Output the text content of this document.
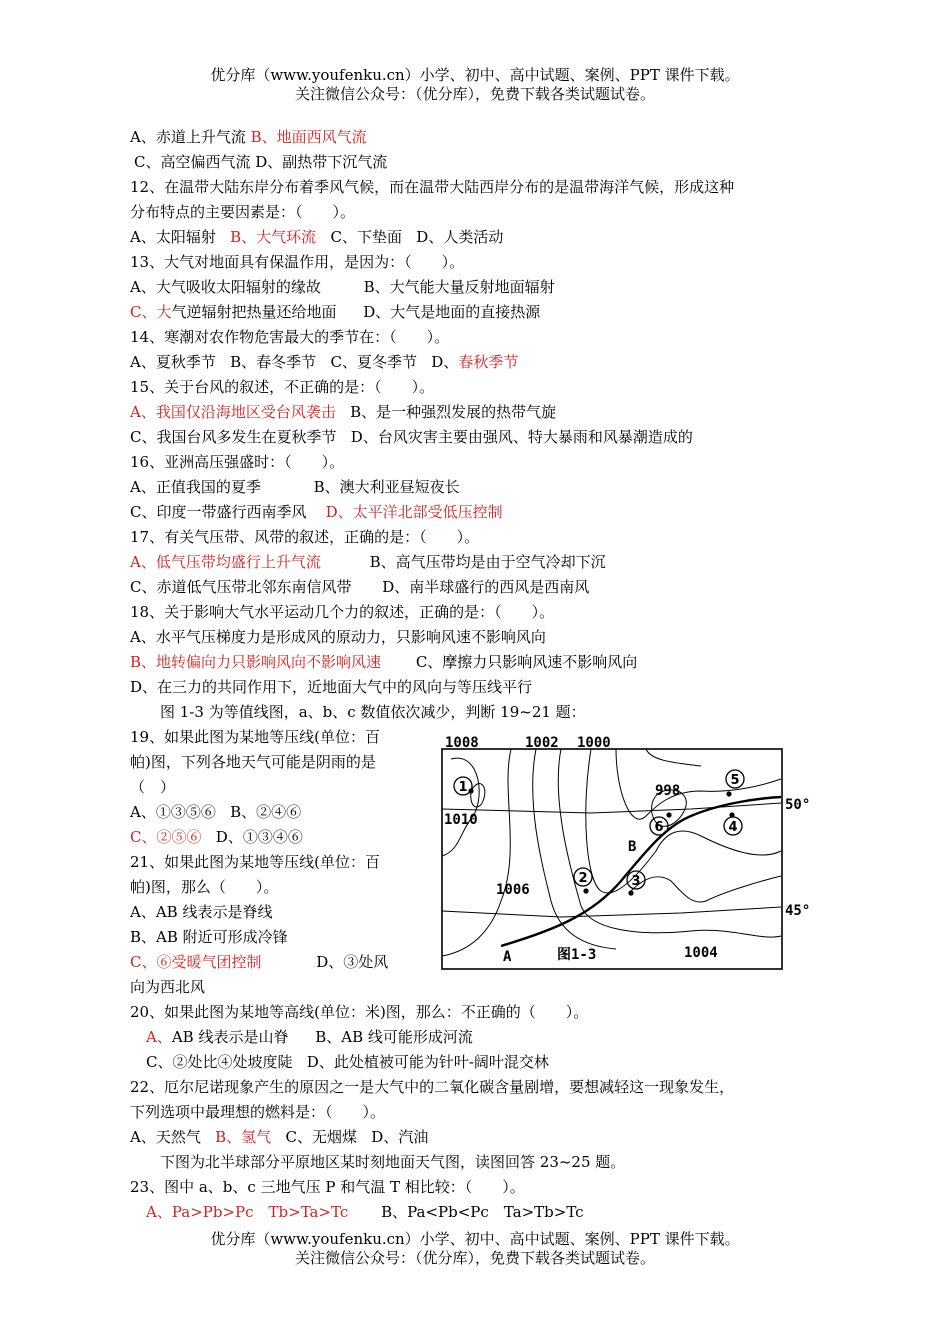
优分库（www.youfenku.cn）小学、初中、高中试题、案例、PPT 课件下载。
关注微信公众号：（优分库），免费下载各类试题试卷。
A、赤道上升气流 B、地面西风气流
C、高空偏西气流 D、副热带下沉气流
12、在温带大陆东岸分布着季风气候，而在温带大陆西岸分布的是温带海洋气候，形成这种
分布特点的主要因素是：（　　）。
A、太阳辐射 B、大气环流 C、下垫面 D、人类活动
13、大气对地面具有保温作用，是因为：（　　）。
A、大气吸收太阳辐射的缘故	B、大气能大量反射地面辐射
C、大气逆辐射把热量还给地面 D、大气是地面的直接热源
14、寒潮对农作物危害最大的季节在：（　　）。
A、夏秋季节 B、春冬季节 C、夏冬季节 D、春秋季节
15、关于台风的叙述，不正确的是：（　　）。
A、我国仅沿海地区受台风袭击 B、是一种强烈发展的热带气旋
C、我国台风多发生在夏秋季节 D、台风灾害主要由强风、特大暴雨和风暴潮造成的
16、亚洲高压强盛时：（　　）。
A、正值我国的夏季	B、澳大利亚昼短夜长
C、印度一带盛行西南季风 D、太平洋北部受低压控制
17、有关气压带、风带的叙述，正确的是：（　　）。
A、低气压带均盛行上升气流	B、高气压带均是由于空气冷却下沉
C、赤道低气压带北邻东南信风带 D、南半球盛行的西风是西南风
18、关于影响大气水平运动几个力的叙述，正确的是：（　　）。
A、水平气压梯度力是形成风的原动力，只影响风速不影响风向
B、地转偏向力只影响风向不影响风速 C、摩擦力只影响风速不影响风向
D、在三力的共同作用下，近地面大气中的风向与等压线平行
图 1-3 为等值线图，a、b、c 数值依次减少，判断 19~21 题：
19、如果此图为某地等压线(单位：百
帕)图，下列各地天气可能是阴雨的是
（　）
A、①③⑤⑥ B、②④⑥
C、②⑤⑥ D、①③④⑥
21、如果此图为某地等压线(单位：百
帕)图，那么（　　）。
A、AB 线表示是脊线
B、AB 附近可形成冷锋
C、⑥受暖气团控制	D、③处风
向为西北风
20、如果此图为某地等高线(单位：米)图，那么：不正确的（　　）。
A、AB 线表示是山脊 B、AB 线可能形成河流
C、②处比④处坡度陡 D、此处植被可能为针叶-阔叶混交林
22、厄尔尼诺现象产生的原因之一是大气中的二氧化碳含量剧增，要想减轻这一现象发生，
下列选项中最理想的燃料是：（　　）。
A、天然气 B、氢气 C、无烟煤 D、汽油
下图为北半球部分平原地区某时刻地面天气图，读图回答 23~25 题。
23、图中 a、b、c 三地气压 P 和气温 T 相比较：（　　）。
A、Pa>Pb>Pc　Tb>Ta>Tc B、Pa<Pb<Pc　Ta>Tb>Tc
1
2	3
4
5
6
1008	1002 1000
998
1010
1006
1004
50°
45°
A
B
图1-3
优分库（www.youfenku.cn）小学、初中、高中试题、案例、PPT 课件下载。
关注微信公众号：（优分库），免费下载各类试题试卷。
